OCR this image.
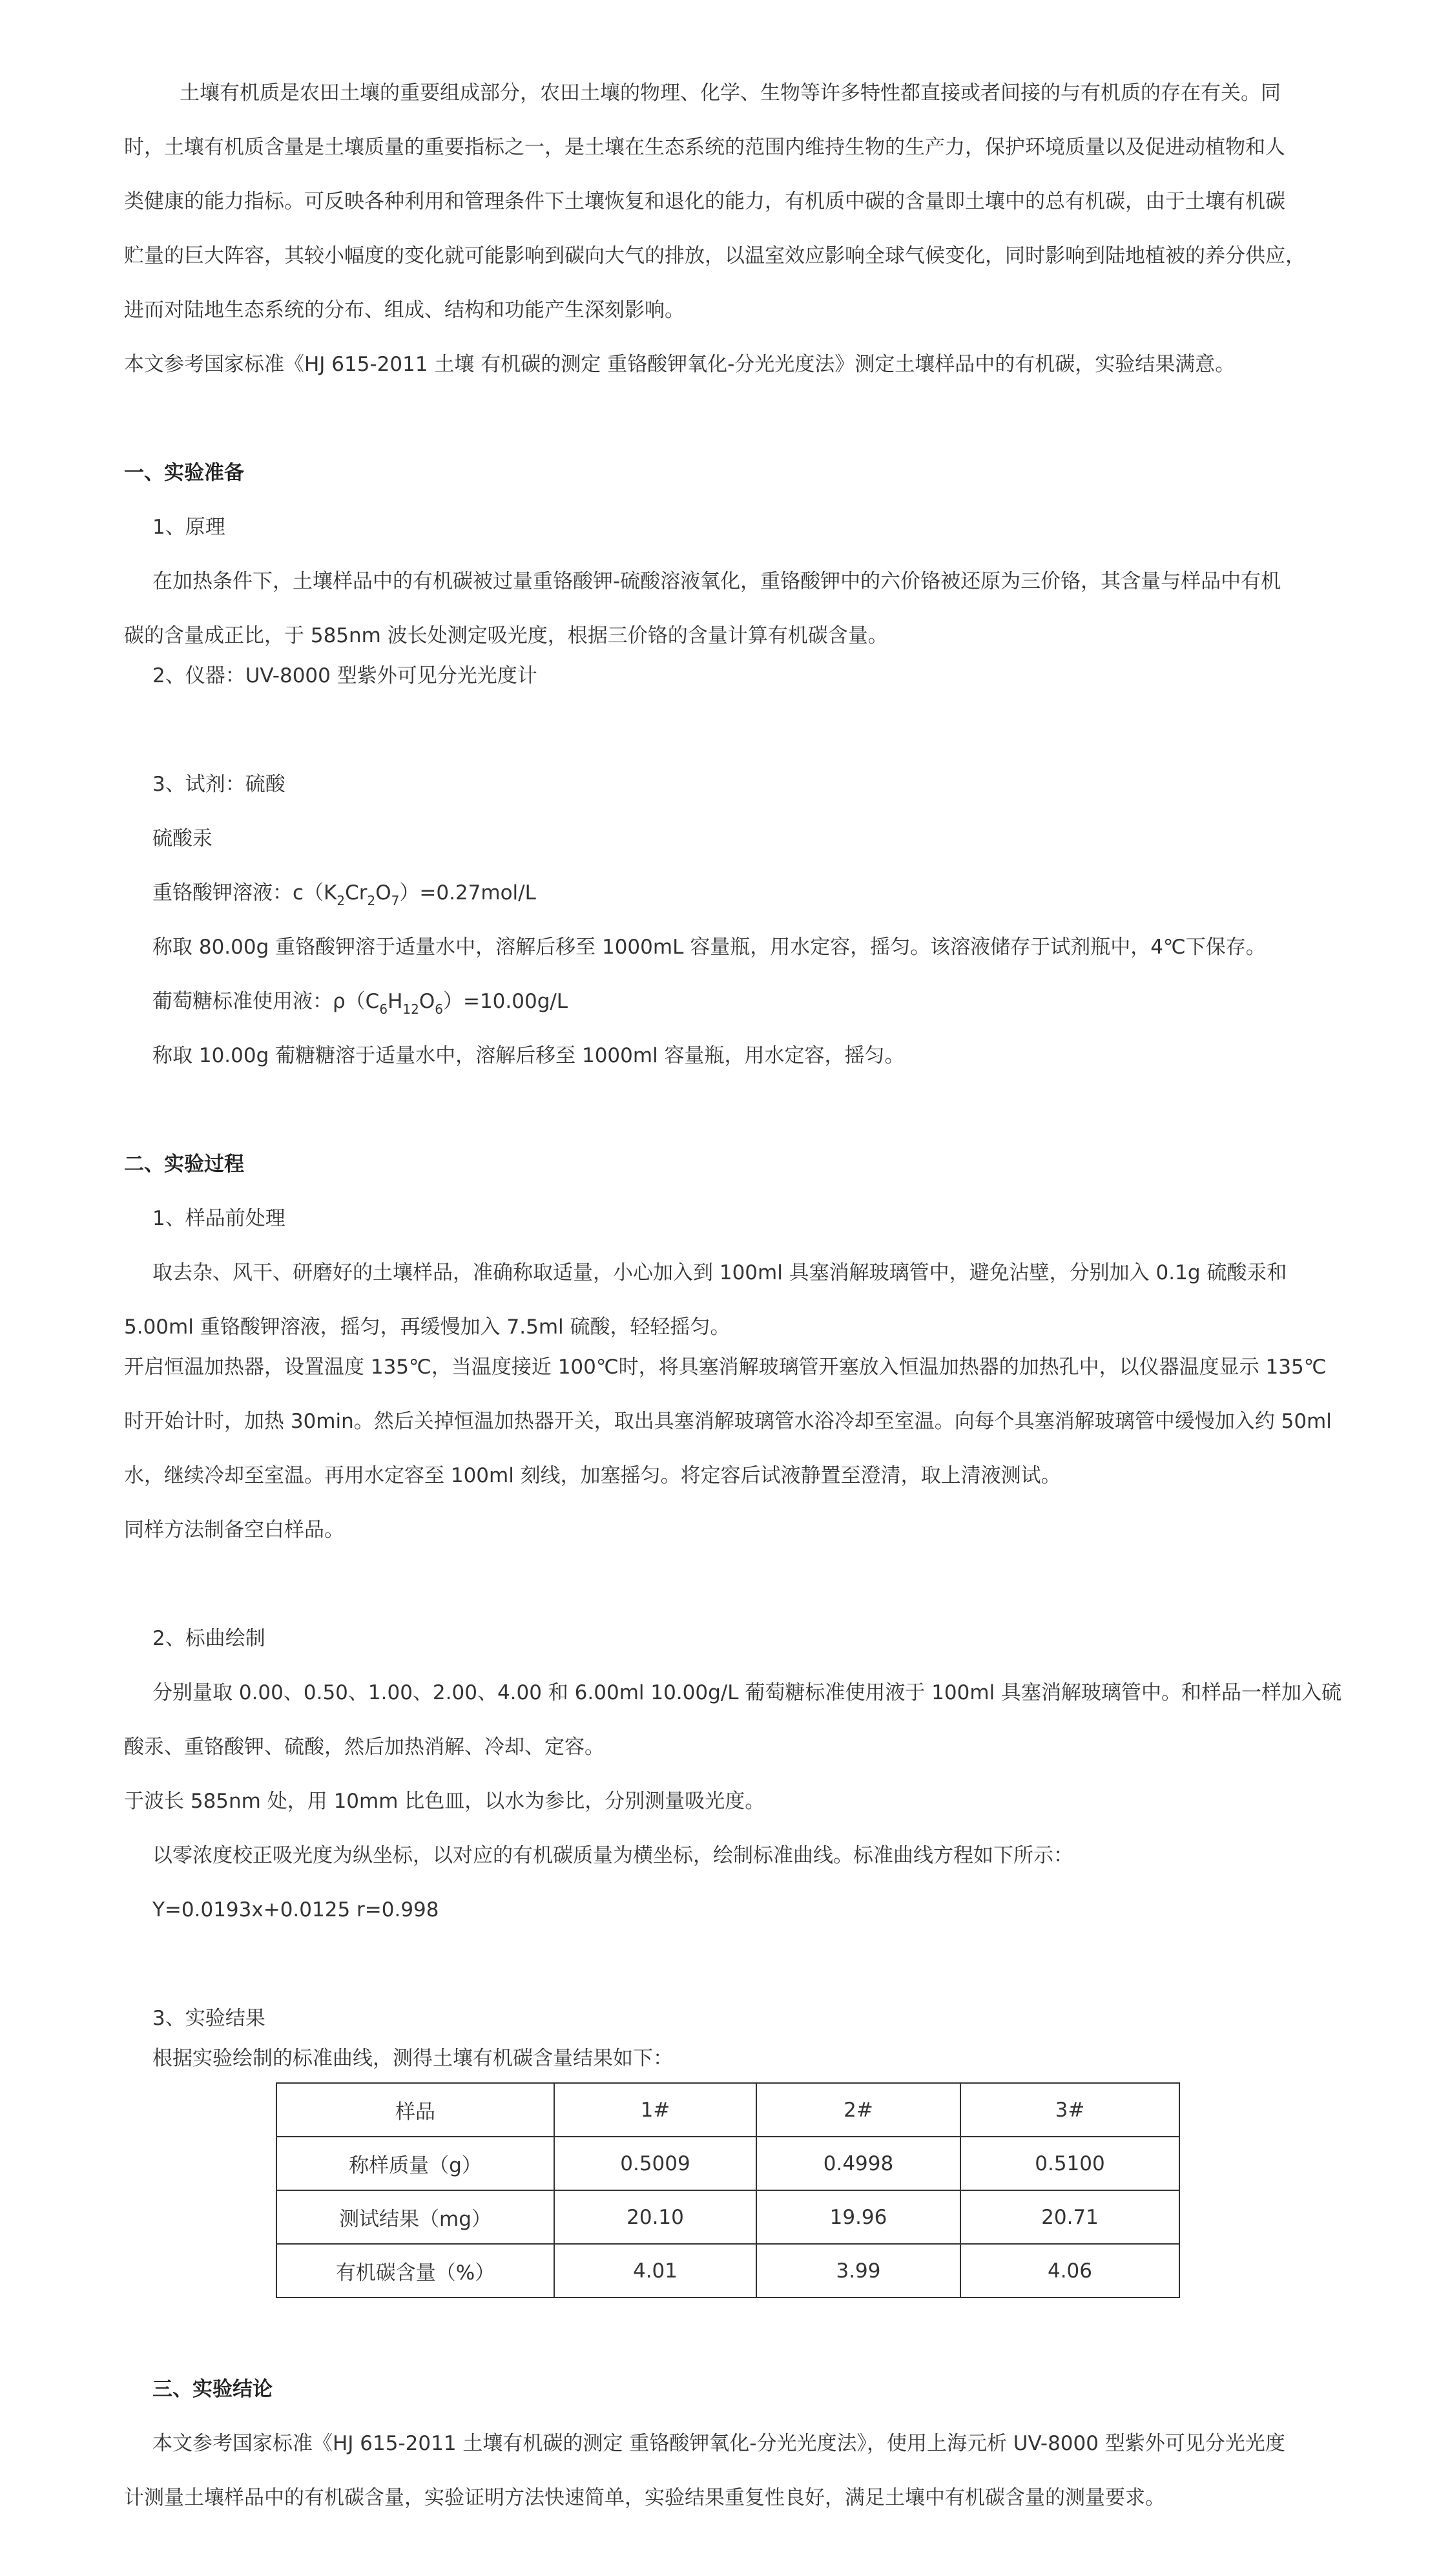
土壤有机质是农田土壤的重要组成部分，农田土壤的物理、化学、生物等许多特性都直接或者间接的与有机质的存在有关。同

时，土壤有机质含量是土壤质量的重要指标之一，是土壤在生态系统的范围内维持生物的生产力，保护环境质量以及促进动植物和人

类健康的能力指标。可反映各种利用和管理条件下土壤恢复和退化的能力，有机质中碳的含量即土壤中的总有机碳，由于土壤有机碳

贮量的巨大阵容，其较小幅度的变化就可能影响到碳向大气的排放，以温室效应影响全球气候变化，同时影响到陆地植被的养分供应，

进而对陆地生态系统的分布、组成、结构和功能产生深刻影响。

本文参考国家标准《HJ 615-2011 土壤 有机碳的测定 重铬酸钾氧化-分光光度法》测定土壤样品中的有机碳，实验结果满意。

一、实验准备

1、原理

在加热条件下，土壤样品中的有机碳被过量重铬酸钾-硫酸溶液氧化，重铬酸钾中的六价铬被还原为三价铬，其含量与样品中有机

碳的含量成正比，于 585nm 波长处测定吸光度，根据三价铬的含量计算有机碳含量。

2、仪器：UV-8000 型紫外可见分光光度计

3、试剂：硫酸

硫酸汞

重铬酸钾溶液：$c(K_2Cr_2O_7)=0.27mol/L$

称取 80.00g 重铬酸钾溶于适量水中，溶解后移至 1000mL 容量瓶，用水定容，摇匀。该溶液储存于试剂瓶中，4℃下保存。

葡萄糖标准使用液：$\rho(C_6H_{12}O_6)=10.00g/L$

称取 10.00g 葡糖糖溶于适量水中，溶解后移至 1000ml 容量瓶，用水定容，摇匀。

二、实验过程

1、样品前处理

取去杂、风干、研磨好的土壤样品，准确称取适量，小心加入到 100ml 具塞消解玻璃管中，避免沾壁，分别加入 0.1g 硫酸汞和

5.00ml 重铬酸钾溶液，摇匀，再缓慢加入 7.5ml 硫酸，轻轻摇匀。

开启恒温加热器，设置温度 135℃，当温度接近 100℃时，将具塞消解玻璃管开塞放入恒温加热器的加热孔中，以仪器温度显示 135℃

时开始计时，加热 30min。然后关掉恒温加热器开关，取出具塞消解玻璃管水浴冷却至室温。向每个具塞消解玻璃管中缓慢加入约 50ml

水，继续冷却至室温。再用水定容至 100ml 刻线，加塞摇匀。将定容后试液静置至澄清，取上清液测试。

同样方法制备空白样品。

2、标曲绘制

分别量取 0.00、0.50、1.00、2.00、4.00 和 6.00ml 10.00g/L 葡萄糖标准使用液于 100ml 具塞消解玻璃管中。和样品一样加入硫

酸汞、重铬酸钾、硫酸，然后加热消解、冷却、定容。

于波长 585nm 处，用 10mm 比色皿，以水为参比，分别测量吸光度。

以零浓度校正吸光度为纵坐标，以对应的有机碳质量为横坐标，绘制标准曲线。标准曲线方程如下所示：

Y=0.0193x+0.0125 r=0.998

3、实验结果

根据实验绘制的标准曲线，测得土壤有机碳含量结果如下：

样品	1#	2#	3#
称样质量（g）	0.5009	0.4998	0.5100
测试结果（mg）	20.10	19.96	20.71
有机碳含量（%）	4.01	3.99	4.06

三、实验结论

本文参考国家标准《HJ 615-2011 土壤有机碳的测定 重铬酸钾氧化-分光光度法》，使用上海元析 UV-8000 型紫外可见分光光度

计测量土壤样品中的有机碳含量，实验证明方法快速简单，实验结果重复性良好，满足土壤中有机碳含量的测量要求。
